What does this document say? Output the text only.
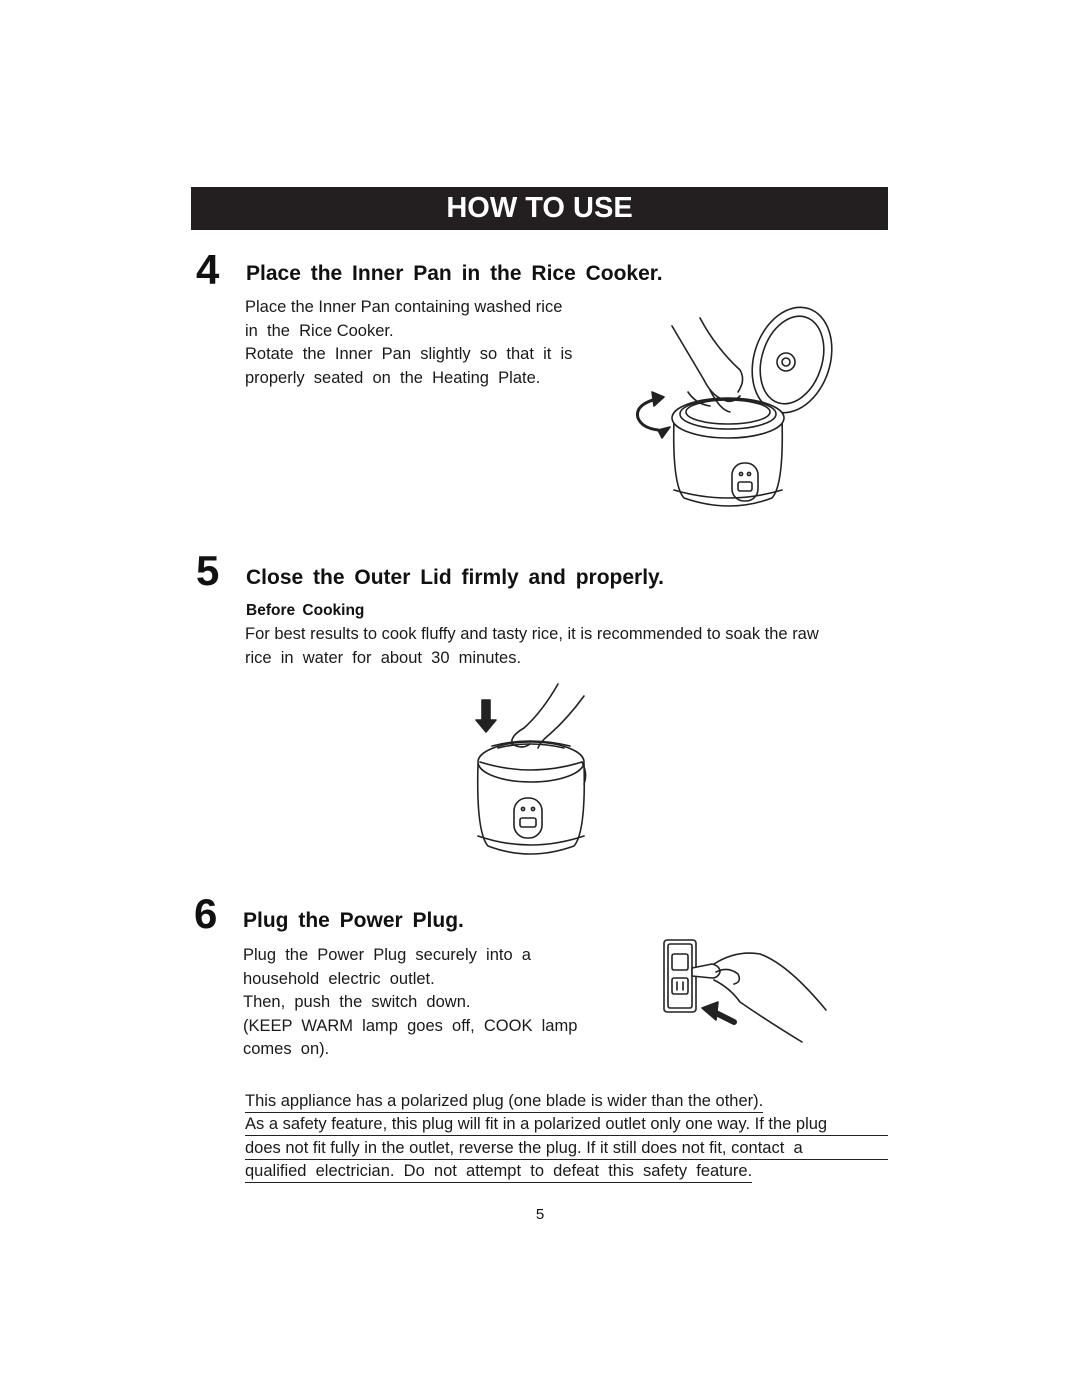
HOW TO USE
4 Place the Inner Pan in the Rice Cooker.
Place the Inner Pan containing washed rice
in  the  Rice Cooker.
Rotate  the  Inner  Pan  slightly  so  that  it  is
properly  seated  on  the  Heating  Plate.
5 Close the Outer Lid firmly and properly.
Before Cooking
For best results to cook fluffy and tasty rice, it is recommended to soak the raw
rice  in  water  for  about  30  minutes.
6 Plug the Power Plug.
Plug  the  Power  Plug  securely  into  a
household  electric  outlet.
Then,  push  the  switch  down.
(KEEP  WARM  lamp  goes  off,  COOK  lamp
comes  on).
This appliance has a polarized plug (one blade is wider than the other).
As a safety feature, this plug will fit in a polarized outlet only one way. If the plug
does not fit fully in the outlet, reverse the plug. If it still does not fit, contact  a
qualified  electrician.  Do  not  attempt  to  defeat  this  safety  feature.
5
